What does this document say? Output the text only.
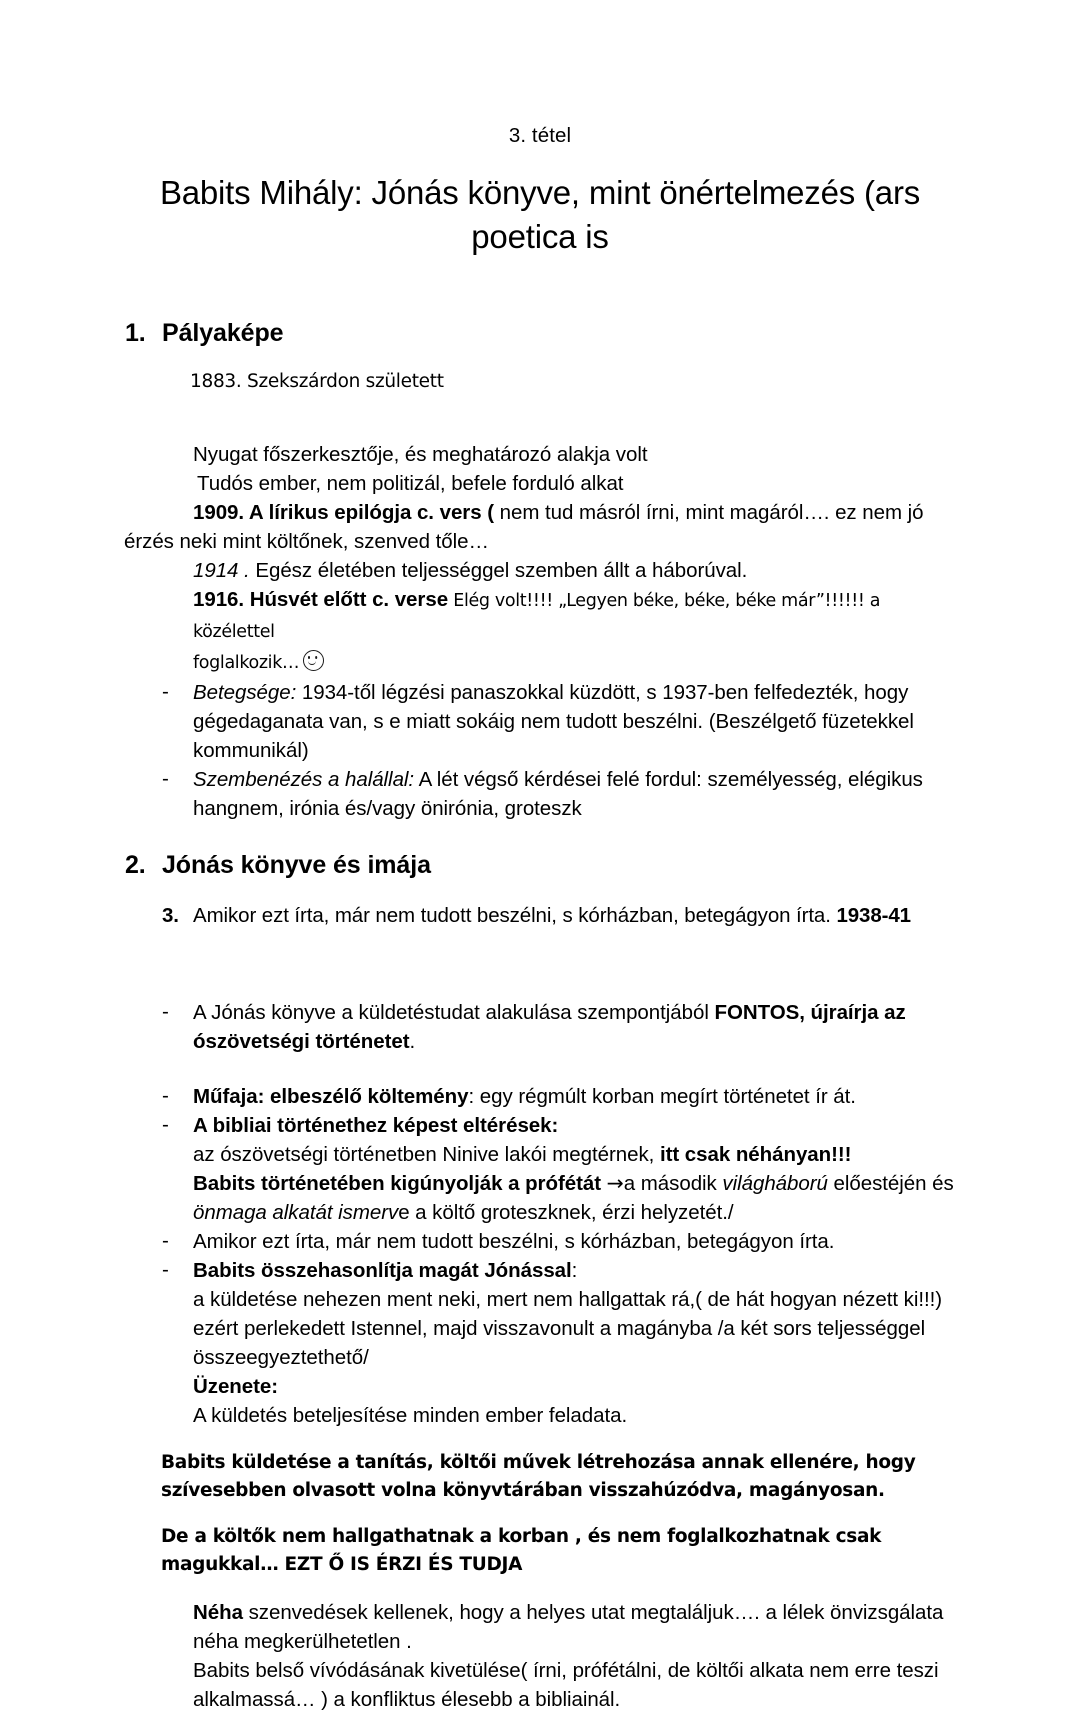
3. tétel
Babits Mihály: Jónás könyve, mint önértelmezés (ars poetica is
1. Pályaképe

1883. Szekszárdon született

Nyugat főszerkesztője, és meghatározó alakja volt

Tudós ember, nem politizál, befele forduló alkat

1909. A lírikus epilógja c. vers ( nem tud másról írni, mint magáról…. ez nem jó

érzés neki mint költőnek, szenved tőle…

1914 . Egész életében teljességgel szemben állt a háborúval.

1916. Húsvét előtt c. verse Elég volt!!!! „Legyen béke, béke, béke már”!!!!!! a közélettel

foglalkozik…

- Betegsége: 1934-től légzési panaszokkal küzdött, s 1937-ben felfedezték, hogy gégedaganata van, s e miatt sokáig nem tudott beszélni. (Beszélgető füzetekkel kommunikál)
- Szembenézés a halállal: A lét végső kérdései felé fordul: személyesség, elégikus hangnem, irónia és/vagy önirónia, groteszk
2. Jónás könyve és imája
3. Amikor ezt írta, már nem tudott beszélni, s kórházban, betegágyon írta. 1938-41
- A Jónás könyve a küldetéstudat alakulása szempontjából FONTOS, újraírja az ószövetségi történetet.
- Műfaja: elbeszélő költemény: egy régmúlt korban megírt történetet ír át.
- A bibliai történethez képest eltérések:

az ószövetségi történetben Ninive lakói megtérnek, itt csak néhányan!!!

Babits történetében kigúnyolják a prófétát →a második világháború előestéjén és

önmaga alkatát ismerve a költő groteszknek, érzi helyzetét./

- Amikor ezt írta, már nem tudott beszélni, s kórházban, betegágyon írta.
- Babits összehasonlítja magát Jónással:

a küldetése nehezen ment neki, mert nem hallgattak rá,( de hát hogyan nézett ki!!!)

ezért perlekedett Istennel, majd visszavonult a magányba /a két sors teljességgel összeegyeztethető/

Üzenete:

A küldetés beteljesítése minden ember feladata.

Babits küldetése a tanítás, költői művek létrehozása annak ellenére, hogy szívesebben olvasott volna könyvtárában visszahúzódva, magányosan.

De a költők nem hallgathatnak a korban , és nem foglalkozhatnak csak magukkal… EZT Ő IS ÉRZI ÉS TUDJA

Néha szenvedések kellenek, hogy a helyes utat megtaláljuk…. a lélek önvizsgálata néha megkerülhetetlen .

Babits belső vívódásának kivetülése( írni, prófétálni, de költői alkata nem erre teszi alkalmassá… ) a konfliktus élesebb a bibliainál.
